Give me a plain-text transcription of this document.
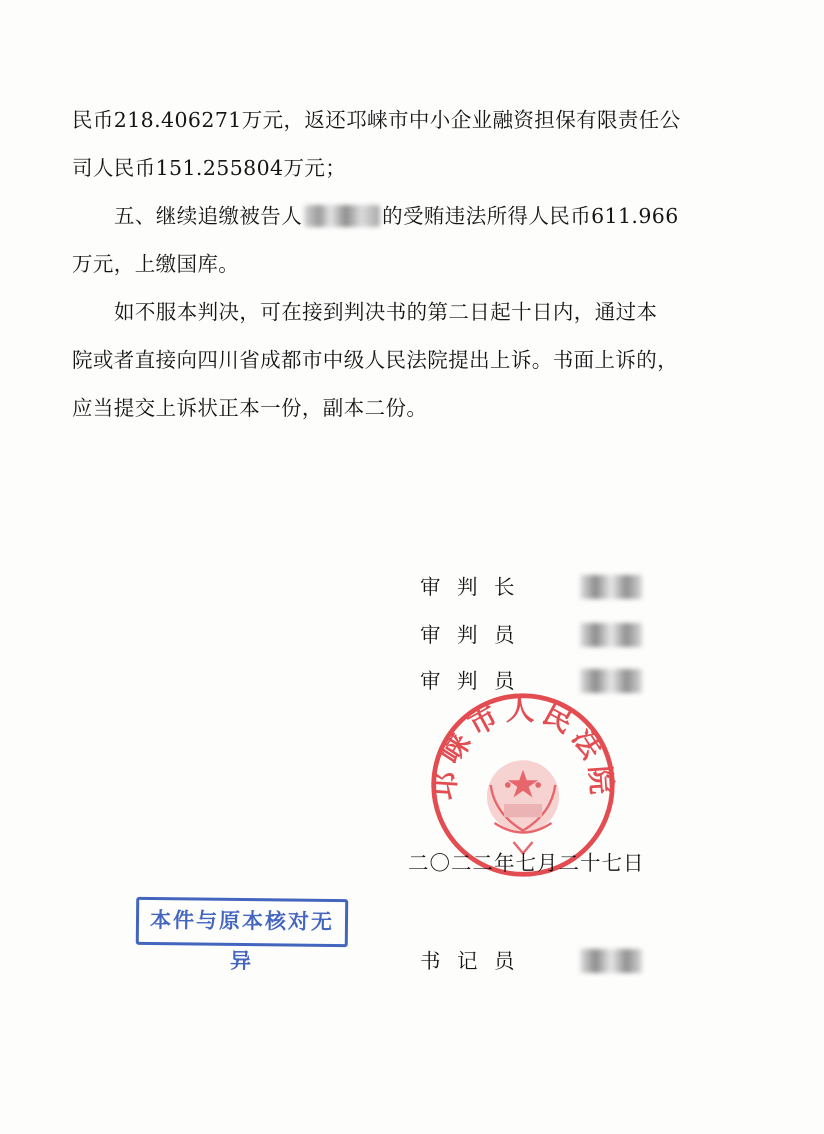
民币218.406271万元，返还邛崃市中小企业融资担保有限责任公
司人民币151.255804万元；
五、继续追缴被告人	的受贿违法所得人民币611.966
万元，上缴国库。
如不服本判决，可在接到判决书的第二日起十日内，通过本
院或者直接向四川省成都市中级人民法院提出上诉。书面上诉的，
应当提交上诉状正本一份，副本二份。
审 判 长
审 判 员
审 判 员
邛崃市人民法院
二〇二二年七月二十七日
本件与原本核对无异	书 记 员
